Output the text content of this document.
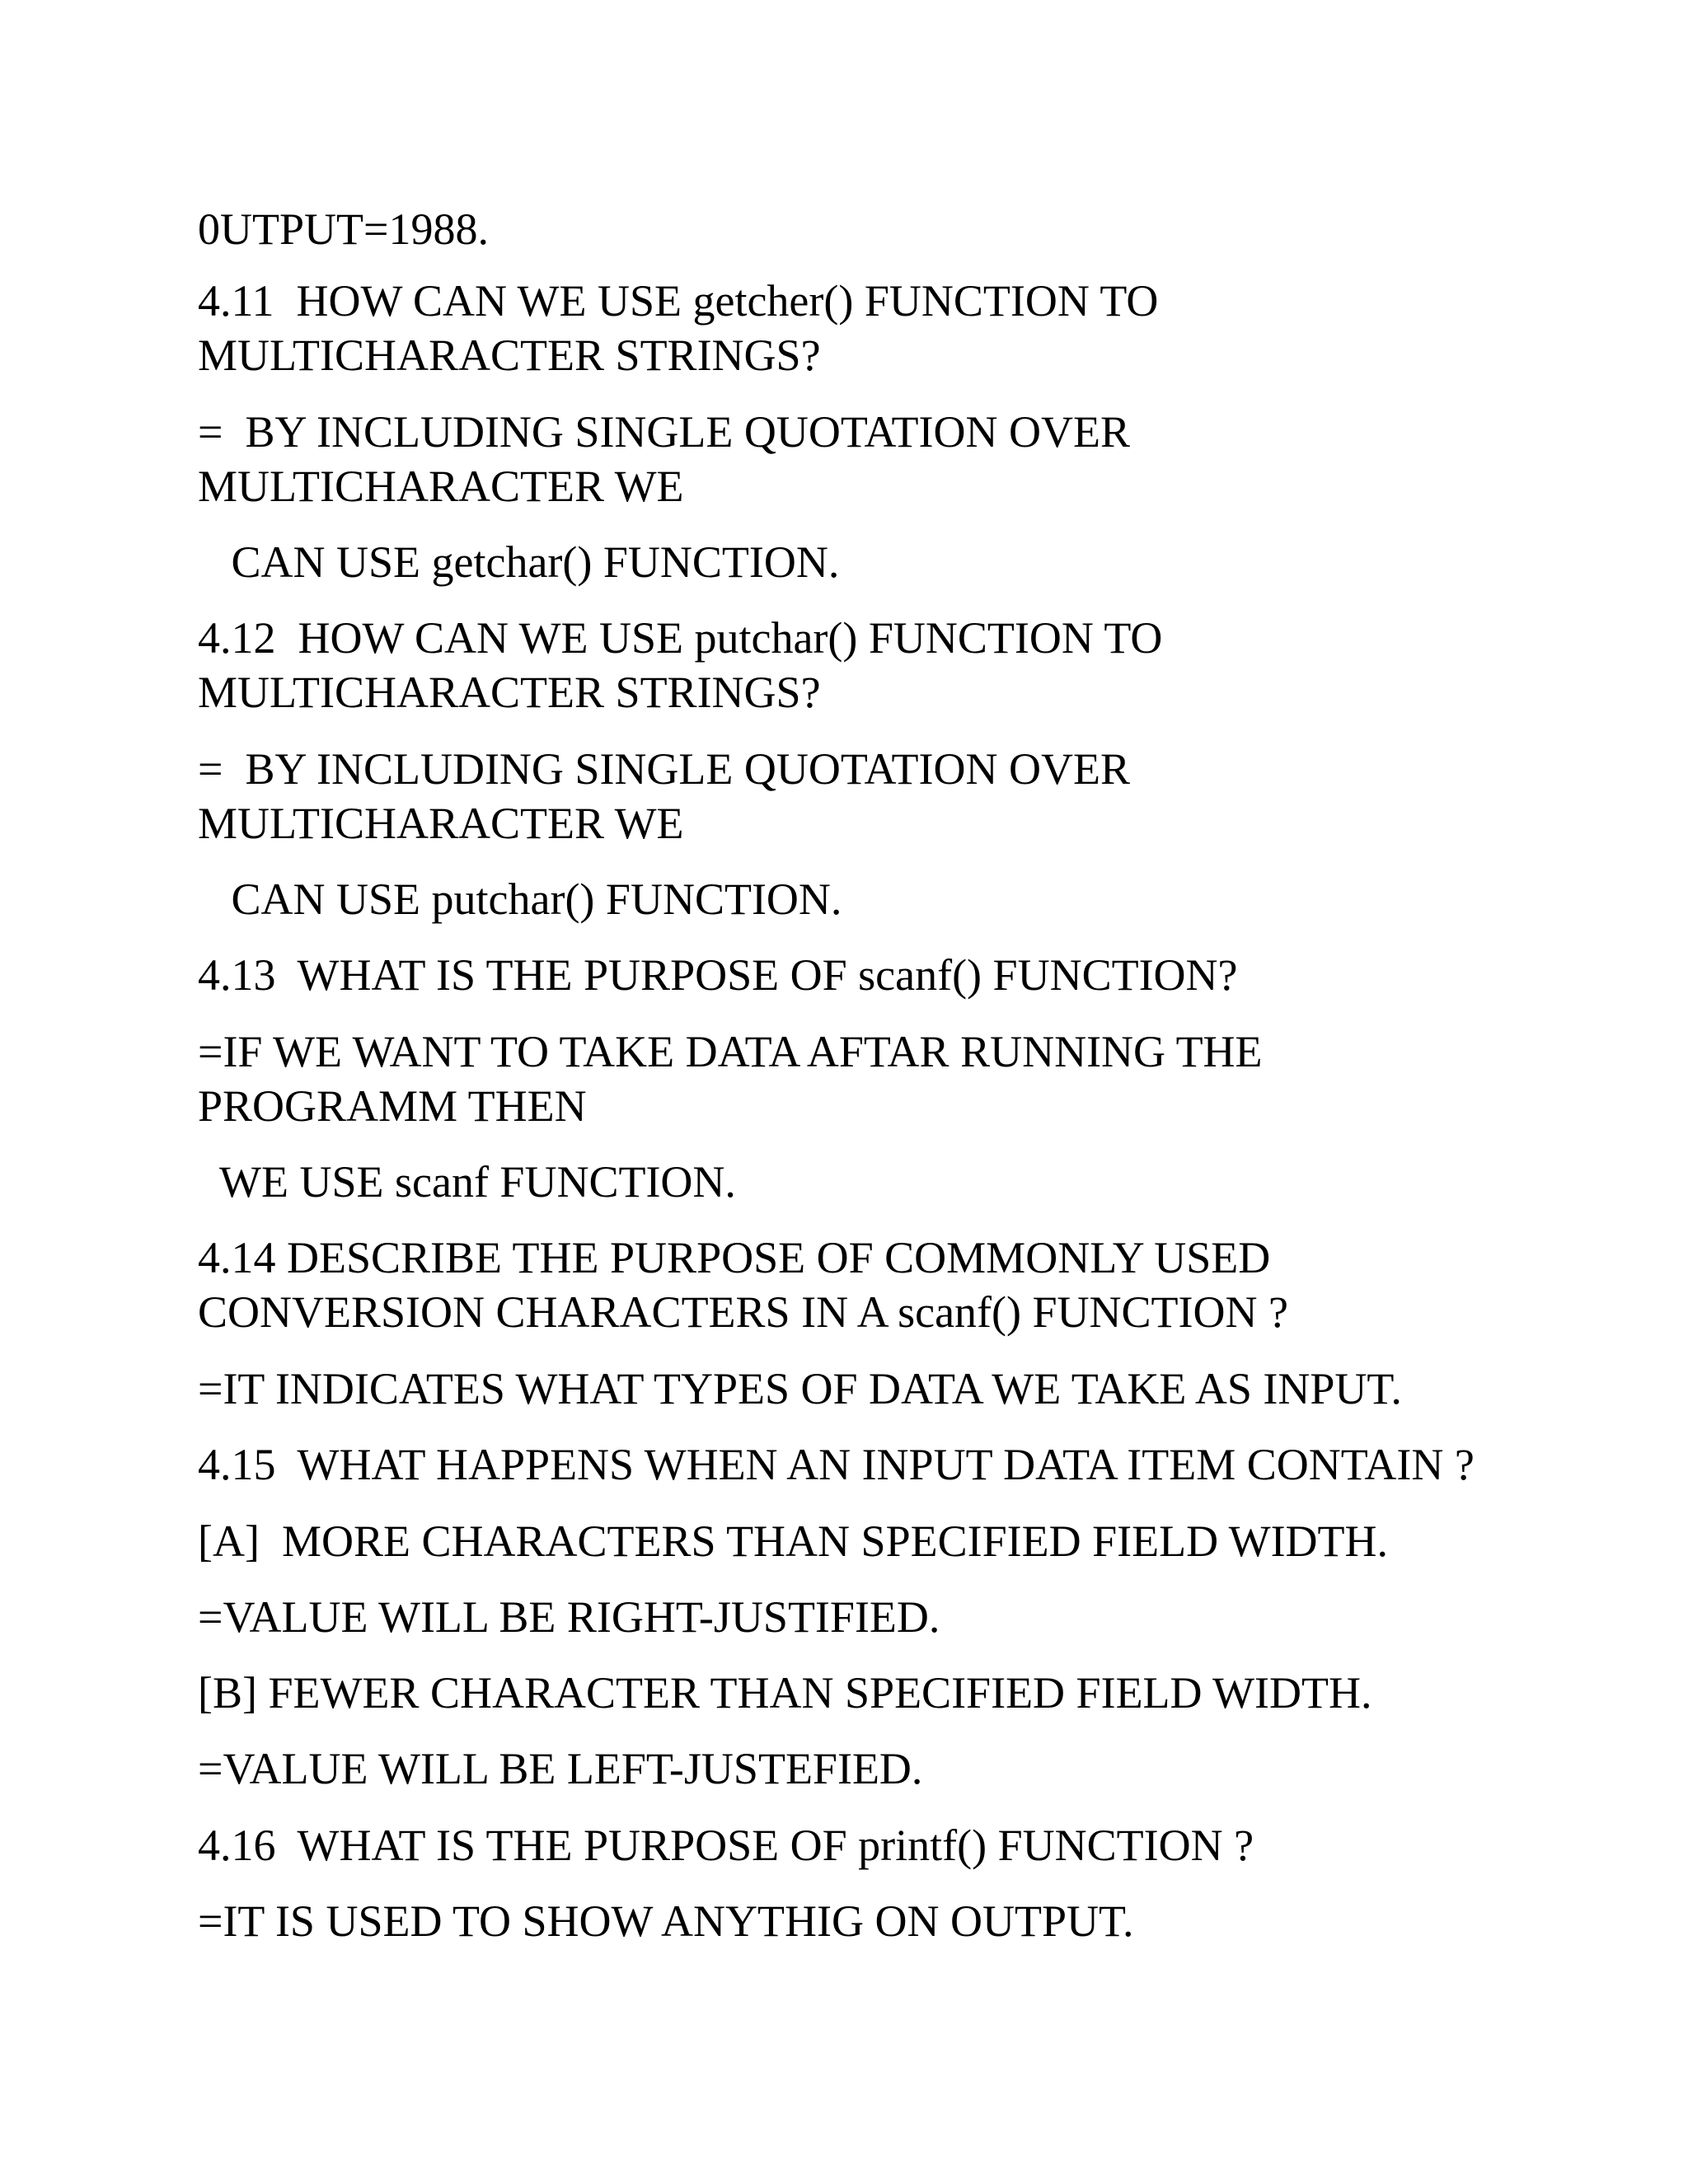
0UTPUT=1988.

4.11  HOW CAN WE USE getcher() FUNCTION TO

MULTICHARACTER STRINGS?

=  BY INCLUDING SINGLE QUOTATION OVER

MULTICHARACTER WE

CAN USE getchar() FUNCTION.

4.12  HOW CAN WE USE putchar() FUNCTION TO

MULTICHARACTER STRINGS?

=  BY INCLUDING SINGLE QUOTATION OVER

MULTICHARACTER WE

CAN USE putchar() FUNCTION.

4.13  WHAT IS THE PURPOSE OF scanf() FUNCTION?

=IF WE WANT TO TAKE DATA AFTAR RUNNING THE

PROGRAMM THEN

WE USE scanf FUNCTION.

4.14 DESCRIBE THE PURPOSE OF COMMONLY USED

CONVERSION CHARACTERS IN A scanf() FUNCTION ?

=IT INDICATES WHAT TYPES OF DATA WE TAKE AS INPUT.

4.15  WHAT HAPPENS WHEN AN INPUT DATA ITEM CONTAIN ?

[A]  MORE CHARACTERS THAN SPECIFIED FIELD WIDTH.

=VALUE WILL BE RIGHT-JUSTIFIED.

[B] FEWER CHARACTER THAN SPECIFIED FIELD WIDTH.

=VALUE WILL BE LEFT-JUSTEFIED.

4.16  WHAT IS THE PURPOSE OF printf() FUNCTION ?

=IT IS USED TO SHOW ANYTHIG ON OUTPUT.
